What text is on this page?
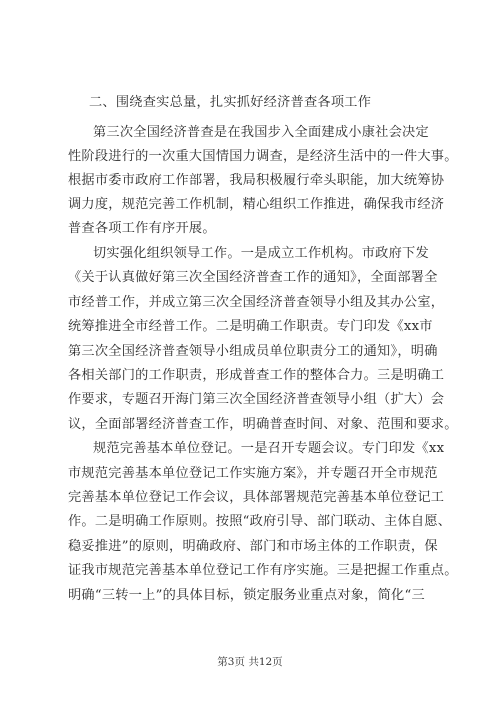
二、围绕查实总量，扎实抓好经济普查各项工作
第三次全国经济普查是在我国步入全面建成小康社会决定
性阶段进行的一次重大国情国力调查，是经济生活中的一件大事。
根据市委市政府工作部署，我局积极履行牵头职能，加大统筹协
调力度，规范完善工作机制，精心组织工作推进，确保我市经济
普查各项工作有序开展。
切实强化组织领导工作。一是成立工作机构。市政府下发
《关于认真做好第三次全国经济普查工作的通知》，全面部署全
市经普工作，并成立第三次全国经济普查领导小组及其办公室，
统筹推进全市经普工作。二是明确工作职责。专门印发《xx市
第三次全国经济普查领导小组成员单位职责分工的通知》，明确
各相关部门的工作职责，形成普查工作的整体合力。三是明确工
作要求，专题召开海门第三次全国经济普查领导小组（扩大）会
议，全面部署经济普查工作，明确普查时间、对象、范围和要求。
规范完善基本单位登记。一是召开专题会议。专门印发《xx
市规范完善基本单位登记工作实施方案》，并专题召开全市规范
完善基本单位登记工作会议，具体部署规范完善基本单位登记工
作。二是明确工作原则。按照“政府引导、部门联动、主体自愿、
稳妥推进”的原则，明确政府、部门和市场主体的工作职责，保
证我市规范完善基本单位登记工作有序实施。三是把握工作重点。
明确“三转一上”的具体目标，锁定服务业重点对象，简化“三
第3页 共12页
